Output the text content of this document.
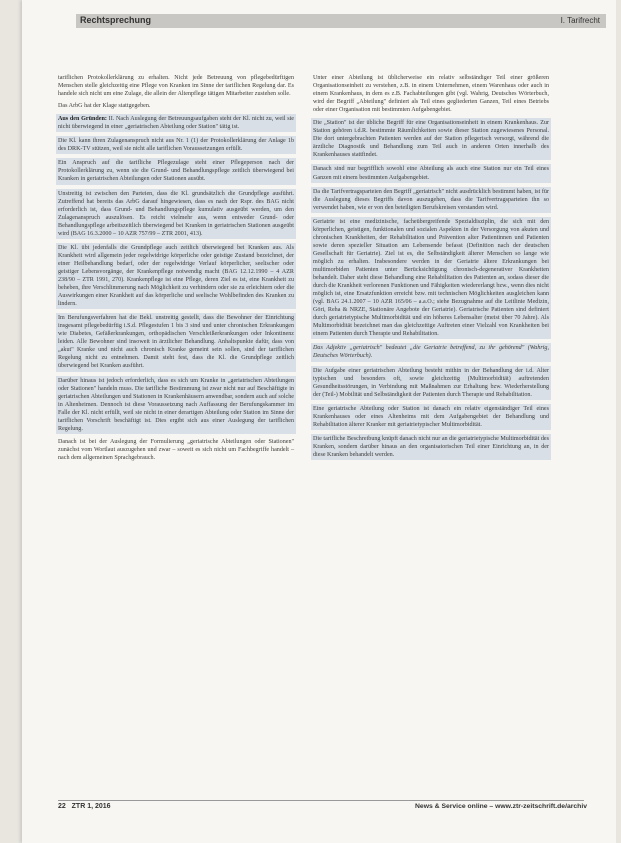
Rechtsprechung	I. Tarifrecht

tariflichen Protokollerklärung zu erhalten. Nicht jede Betreuung von pflegebedürftigen Menschen stelle gleichzeitig eine Pflege von Kranken im Sinne der tariflichen Regelung dar. Es handele sich nicht um eine Zulage, die allein der Altenpflege tätigen Mitarbeiter zustehen solle.

Das ArbG hat der Klage stattgegeben.

Aus den Gründen: II. Nach Auslegung der Betreuungsaufgaben steht der Kl. nicht zu, weil sie nicht überwiegend in einer „geriatrischen Abteilung oder Station" tätig ist.

Die Kl. kann ihren Zulagenanspruch nicht aus Nr. 1 (1) der Protokollerklärung der Anlage 1b des DRK-TV stützen, weil sie nicht alle tariflichen Voraussetzungen erfüllt.

Ein Anspruch auf die tarifliche Pflegezulage steht einer Pflegeperson nach der Protokollerklärung zu, wenn sie die Grund- und Behandlungspflege zeitlich überwiegend bei Kranken in geriatrischen Abteilungen oder Stationen ausübt.

Unstreitig ist zwischen den Parteien, dass die Kl. grundsätzlich die Grundpflege ausführt. Zutreffend hat bereits das ArbG darauf hingewiesen, dass es nach der Rspr. des BAG nicht erforderlich ist, dass Grund- und Behandlungspflege kumulativ ausgeübt werden, um den Zulagenanspruch auszulösen. Es reicht vielmehr aus, wenn entweder Grund- oder Behandlungspflege arbeitszeitlich überwiegend bei Kranken in geriatrischen Stationen ausgeübt wird (BAG 16.3.2000 – 10 AZR 757/99 – ZTR 2001, 413).

Die Kl. übt jedenfalls die Grundpflege auch zeitlich überwiegend bei Kranken aus. Als Krankheit wird allgemein jeder regelwidrige körperliche oder geistige Zustand bezeichnet, der einer Heilbehandlung bedarf, oder der regelwidrige Verlauf körperlicher, seelischer oder geistiger Lebensvorgänge, der Krankenpflege notwendig macht (BAG 12.12.1990 – 4 AZR 238/90 – ZTR 1991, 270). Krankenpflege ist eine Pflege, deren Ziel es ist, eine Krankheit zu beheben, ihre Verschlimmerung nach Möglichkeit zu verhindern oder sie zu erleichtern oder die Auswirkungen einer Krankheit auf das körperliche und seelische Wohlbefinden des Kranken zu lindern.

Im Berufungsverfahren hat die Bekl. unstreitig gestellt, dass die Bewohner der Einrichtung insgesamt pflegebedürftig i.S.d. Pflegestufen 1 bis 3 sind und unter chronischen Erkrankungen wie Diabetes, Gefäßerkrankungen, orthopädischen Verschleißerkrankungen oder Inkontinenz leiden. Alle Bewohner sind insoweit in ärztlicher Behandlung. Anhaltspunkte dafür, dass von „akut" Kranke und nicht auch chronisch Kranke gemeint sein sollen, sind der tariflichen Regelung nicht zu entnehmen. Damit steht fest, dass die Kl. die Grundpflege zeitlich überwiegend bei Kranken ausführt.

Darüber hinaus ist jedoch erforderlich, dass es sich um Kranke in „geriatrischen Abteilungen oder Stationen" handeln muss. Die tarifliche Bestimmung ist zwar nicht nur auf Beschäftigte in geriatrischen Abteilungen und Stationen in Krankenhäusern anwendbar, sondern auch auf solche in Altenheimen. Dennoch ist diese Voraussetzung nach Auffassung der Berufungskammer im Falle der Kl. nicht erfüllt, weil sie nicht in einer derartigen Abteilung oder Station im Sinne der tariflichen Vorschrift beschäftigt ist. Dies ergibt sich aus einer Auslegung der tariflichen Regelung.

Danach ist bei der Auslegung der Formulierung „geriatrische Abteilungen oder Stationen" zunächst vom Wortlaut auszugehen und zwar – soweit es sich nicht um Fachbegriffe handelt – nach dem allgemeinen Sprachgebrauch.

Unter einer Abteilung ist üblicherweise ein relativ selbständiger Teil einer größeren Organisationseinheit zu verstehen, z.B. in einem Unternehmen, einem Warenhaus oder auch in einem Krankenhaus, in dem es z.B. Fachabteilungen gibt (vgl. Wahrig, Deutsches Wörterbuch, wird der Begriff „Abteilung" definiert als Teil eines gegliederten Ganzen, Teil eines Betriebs oder einer Organisation mit bestimmten Aufgabengebiet.

Die „Station" ist der übliche Begriff für eine Organisationseinheit in einem Krankenhaus. Zur Station gehören i.d.R. bestimmte Räumlichkeiten sowie dieser Station zugewiesenes Personal. Die dort untergebrachten Patienten werden auf der Station pflegerisch versorgt, während die ärztliche Diagnostik und Behandlung zum Teil auch in anderen Orten innerhalb des Krankenhauses stattfindet.

Danach sind nur begrifflich sowohl eine Abteilung als auch eine Station nur ein Teil eines Ganzen mit einem bestimmten Aufgabengebiet.

Da die Tarifvertragsparteien den Begriff „geriatrisch" nicht ausdrücklich bestimmt haben, ist für die Auslegung dieses Begriffs davon auszugehen, dass die Tarifvertragsparteien ihn so verwendet haben, wie er von den beteiligten Berufskreisen verstanden wird.

Geriatrie ist eine medizinische, facheübergreifende Spezialdisziplin, die sich mit den körperlichen, geistigen, funktionalen und sozialen Aspekten in der Versorgung von akuten und chronischen Krankheiten, der Rehabilitation und Prävention alter Patientinnen und Patienten sowie deren spezieller Situation am Lebensende befasst (Definition nach der deutschen Gesellschaft für Geriatrie). Ziel ist es, die Selbständigkeit älterer Menschen so lange wie möglich zu erhalten. Insbesondere werden in der Geriatrie ältere Erkrankungen bei multimorbiden Patienten unter Berücksichtigung chronisch-degenerativer Krankheiten behandelt. Daher steht diese Behandlung eine Rehabilitation des Patienten an, sodass dieser die durch die Krankheit verlorenen Funktionen und Fähigkeiten wiedererlangt bzw., wenn dies nicht möglich ist, eine Ersatzfunktion erreicht bzw. mit technischen Möglichkeiten ausgleichen kann (vgl. BAG 24.1.2007 – 10 AZR 165/06 – a.a.O.; siehe Bezugnahme auf die Leitlinie Medizin, Göri, Reha & NRZE, Stationäre Angebote der Geriatrie). Geriatrische Patienten sind definiert durch geriatrietypische Multimorbidität und ein höheres Lebensalter (meist über 70 Jahre). Als Multimorbidität bezeichnet man das gleichzeitige Auftreten einer Vielzahl von Krankheiten bei einem Patienten durch Therapie und Rehabilitation.

Das Adjektiv „geriatrisch" bedeutet „die Geriatrie betreffend, zu ihr gehörend" (Wahrig, Deutsches Wörterbuch).

Die Aufgabe einer geriatrischen Abteilung besteht mithin in der Behandlung der i.d. Alter typischen und besonders oft, sowie gleichzeitig (Multimorbidität) auftretenden Gesundheitsstörungen, in Verbindung mit Maßnahmen zur Erhaltung bzw. Wiederherstellung der (Teil-) Mobilität und Selbständigkeit der Patienten durch Therapie und Rehabilitation.

Eine geriatrische Abteilung oder Station ist danach ein relativ eigenständiger Teil eines Krankenhauses oder eines Altenheims mit dem Aufgabengebiet der Behandlung und Rehabilitation älterer Kranker mit geriatrietypischer Multimorbidität.

Die tarifliche Beschreibung knüpft danach nicht nur an die geriatrietypische Multimorbidität des Kranken, sondern darüber hinaus an den organisatorischen Teil einer Einrichtung an, in der diese Kranken behandelt werden.

22 ZTR 1, 2016	News & Service online – www.ztr-zeitschrift.de/archiv
